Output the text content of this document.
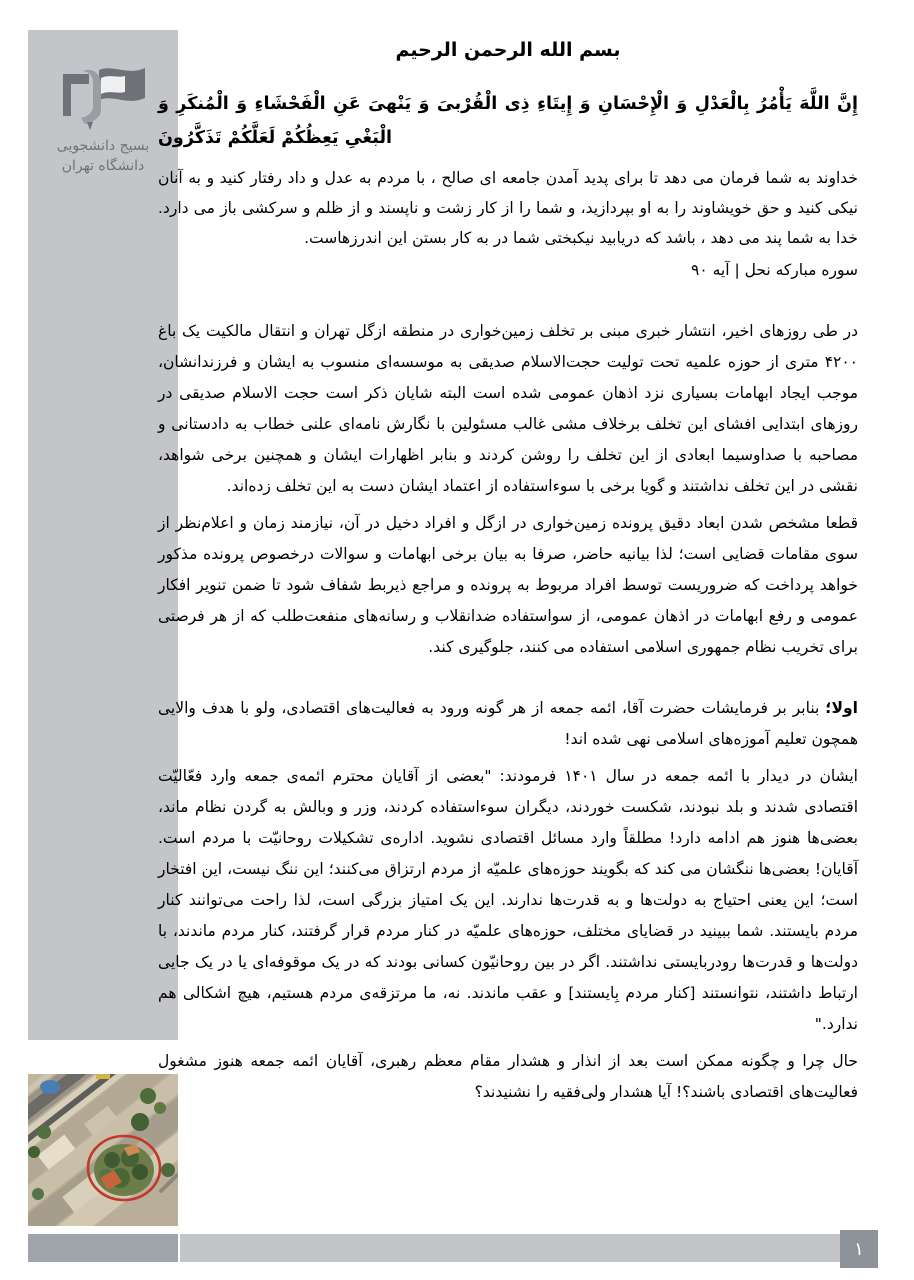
بسیج دانشجویی
دانشگاه تهران
بسم الله الرحمن الرحیم
إِنَّ اللَّهَ يَأْمُرُ بِالْعَدْلِ وَ الْإِحْسَانِ وَ إِيتَاءِ ذِى الْقُرْبىَ وَ يَنْهىَ عَنِ الْفَحْشَاءِ وَ الْمُنكَرِ وَ الْبَغْىِ يَعِظُكُمْ لَعَلَّكُمْ تَذَكَّرُونَ
خداوند به شما فرمان می دهد تا برای پدید آمدن جامعه ای صالح ، با مردم به عدل و داد رفتار کنید و به آنان نیکی کنید و حق خویشاوند را به او بپردازید، و شما را از کار زشت و ناپسند و از ظلم و سرکشی باز می دارد. خدا به شما پند می دهد ، باشد که دریابید نیکبختی شما در به کار بستن این اندرزهاست.
سوره مبارکه نحل | آیه ۹۰
در طی روزهای اخیر، انتشار خبری مبنی بر تخلف زمین‌خواری در منطقه ازگل تهران و انتقال مالکیت یک باغ ۴۲۰۰ متری از حوزه علمیه تحت تولیت حجت‌الاسلام صدیقی به موسسه‌ای منسوب به ایشان و فرزندانشان، موجب ایجاد ابهامات بسیاری نزد اذهان عمومی شده است البته شایان ذکر است حجت الاسلام صدیقی در روزهای ابتدایی افشای این تخلف برخلاف مشی غالب مسئولین با نگارش نامه‌ای علنی خطاب به دادستانی و مصاحبه با صداوسیما ابعادی از این تخلف را روشن کردند و بنابر اظهارات ایشان و همچنین برخی شواهد، نقشی در این تخلف نداشتند و گویا برخی با سوءاستفاده از اعتماد ایشان دست به این تخلف زده‌اند.
قطعا مشخص شدن ابعاد دقیق پرونده زمین‌خواری در ازگل و افراد دخیل در آن، نیازمند زمان و اعلام‌نظر از سوی مقامات قضایی است؛ لذا بیانیه حاضر، صرفا به بیان برخی ابهامات و سوالات درخصوص پرونده مذکور خواهد پرداخت که ضروریست توسط افراد مربوط به پرونده و مراجع ذیربط شفاف شود تا ضمن تنویر افکار عمومی و رفع ابهامات در اذهان عمومی، از سواستفاده ضدانقلاب و رسانه‌های منفعت‌طلب که از هر فرصتی برای تخریب نظام جمهوری اسلامی استفاده می کنند، جلوگیری کند.
اولا؛ بنابر بر فرمایشات حضرت آقا، ائمه جمعه از هر گونه ورود به فعالیت‌های اقتصادی، ولو با هدف والایی همچون تعلیم آموزه‌های اسلامی نهی شده اند!
ایشان در دیدار با ائمه جمعه در سال ۱۴۰۱ فرمودند: "بعضی از آقایان محترم ائمه‌ی جمعه وارد فعّالیّت اقتصادی شدند و بلد نبودند، شکست خوردند، دیگران سوءاستفاده کردند، وزر و وبالش به گردن نظام ماند، بعضی‌ها هنوز هم ادامه دارد! مطلقاً وارد مسائل اقتصادی نشوید. اداره‌ی تشکیلات روحانیّت با مردم است. آقایان! بعضی‌ها ننگشان می کند که بگویند حوزه‌های علمیّه از مردم ارتزاق می‌کنند؛ این ننگ نیست، این افتخار است؛ این یعنی احتیاج به دولت‌ها و به قدرت‌ها ندارند. این یک امتیاز بزرگی است، لذا راحت می‌توانند کنار مردم بایستند. شما ببینید در قضایای مختلف، حوزه‌های علمیّه در کنار مردم قرار گرفتند، کنار مردم ماندند، با دولت‌ها و قدرت‌ها رودربایستی نداشتند. اگر در بین روحانیّون کسانی بودند که در یک موقوفه‌ای یا در یک جایی ارتباط داشتند، نتوانستند [کنار مردم بِایستند] و عقب ماندند. نه، ما مرتزقه‌ی مردم هستیم، هیچ اشکالی هم ندارد."
حال چرا و چگونه ممکن است بعد از انذار و هشدار مقام معظم رهبری، آقایان ائمه جمعه هنوز مشغول فعالیت‌های اقتصادی باشند؟! آیا هشدار ولی‌فقیه را نشنیدند؟
۱
